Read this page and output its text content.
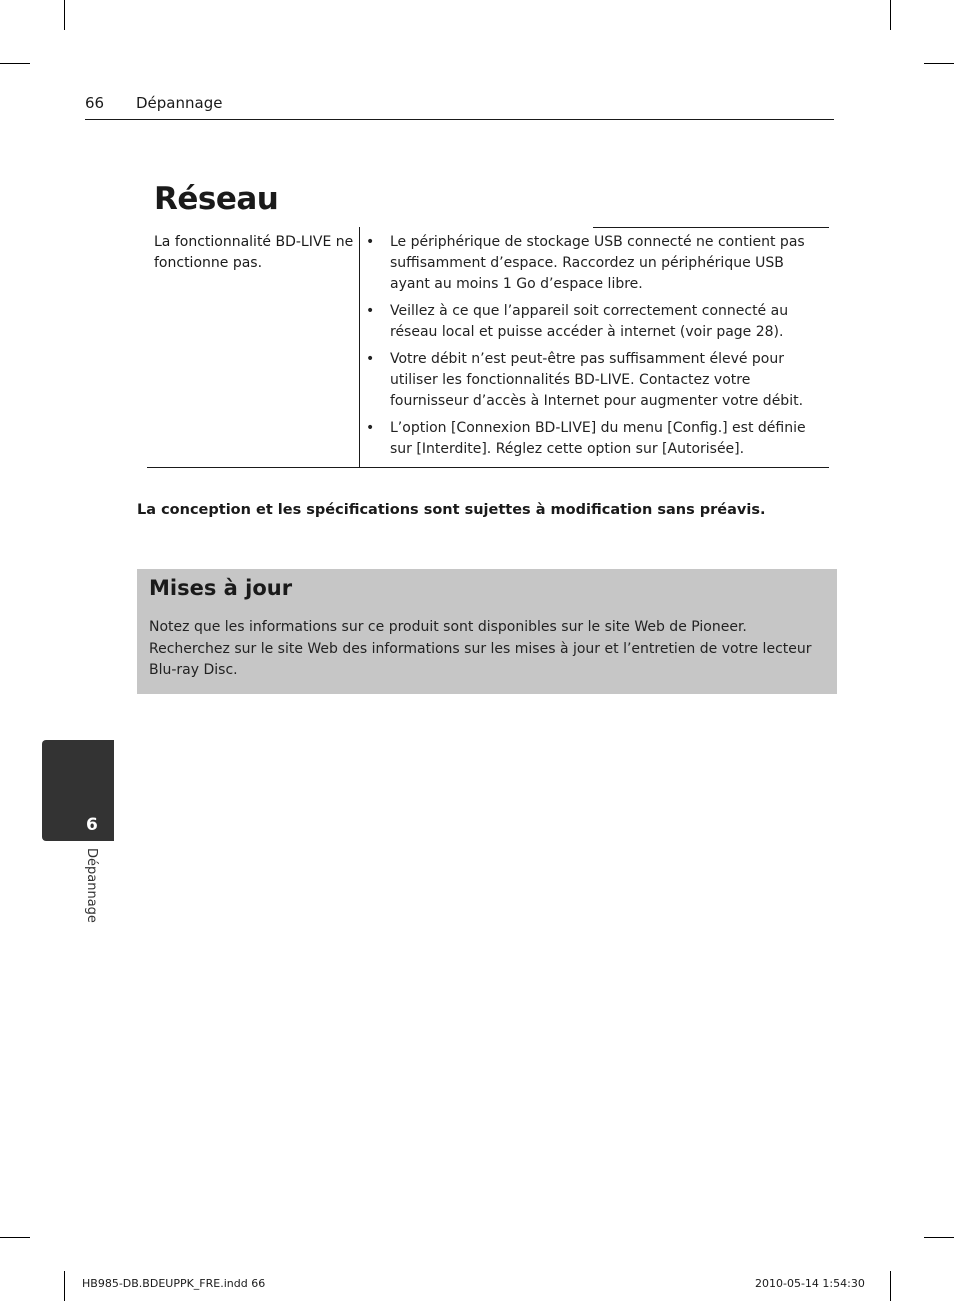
66 Dépannage
Réseau
La fonctionnalité BD-LIVE ne fonctionne pas.
• Le périphérique de stockage USB connecté ne contient pas suffisamment d’espace. Raccordez un périphérique USB ayant au moins 1 Go d’espace libre.
• Veillez à ce que l’appareil soit correctement connecté au réseau local et puisse accéder à internet (voir page 28).
• Votre débit n’est peut-être pas suffisamment élevé pour utiliser les fonctionnalités BD-LIVE. Contactez votre fournisseur d’accès à Internet pour augmenter votre débit.
• L’option [Connexion BD-LIVE] du menu [Config.] est définie sur [Interdite]. Réglez cette option sur [Autorisée].
La conception et les spécifications sont sujettes à modification sans préavis.
Mises à jour

Notez que les informations sur ce produit sont disponibles sur le site Web de Pioneer. Recherchez sur le site Web des informations sur les mises à jour et l’entretien de votre lecteur Blu-ray Disc.

6
Dépannage
HB985-DB.BDEUPPK_FRE.indd 66	2010-05-14 1:54:30
